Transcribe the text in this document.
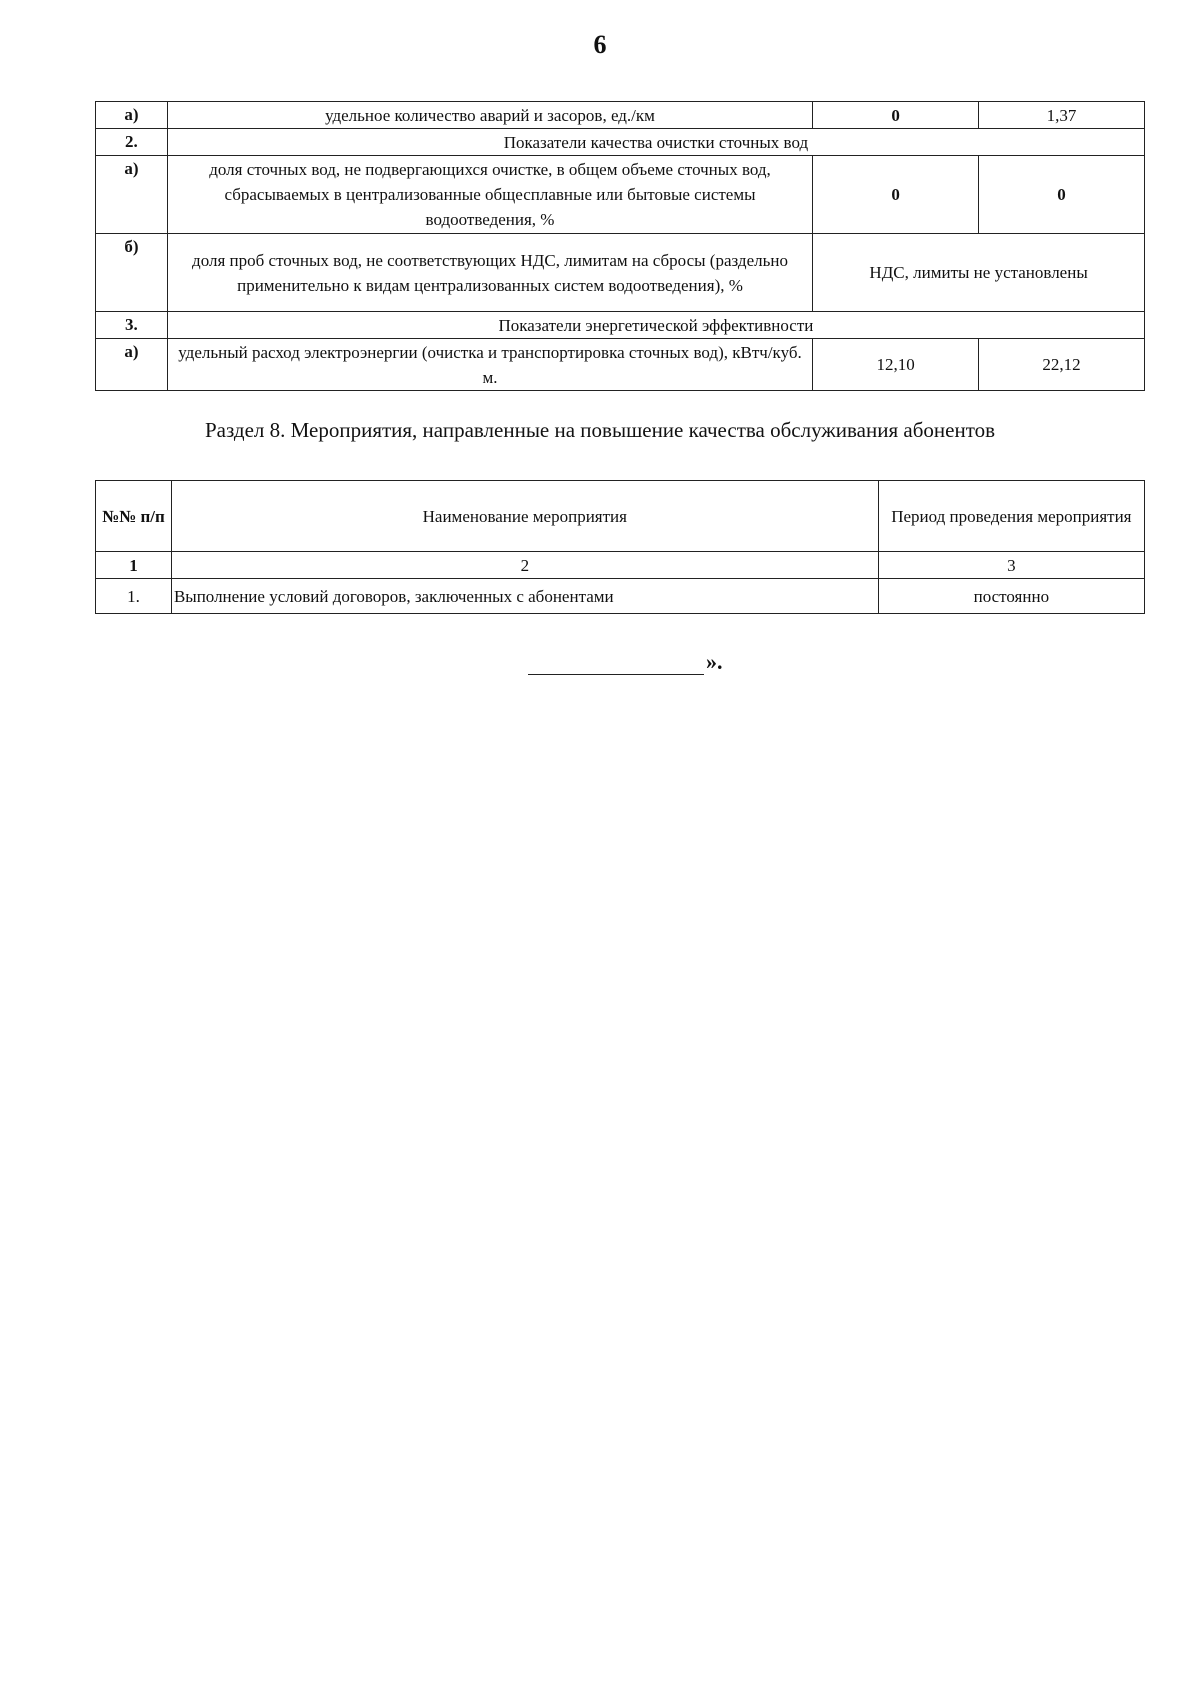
6
а)	удельное количество аварий и засоров, ед./км	0	1,37
2.	Показатели качества очистки сточных вод		
а)	доля сточных вод, не подвергающихся очистке, в общем объеме сточных вод, сбрасываемых в централизованные общесплавные или бытовые системы водоотведения, %	0	0
б)	доля проб сточных вод, не соответствующих НДС, лимитам на сбросы (раздельно применительно к видам централизованных систем водоотведения), %	НДС, лимиты не установлены	
3.	Показатели энергетической эффективности		
а)	удельный расход электроэнергии (очистка и транспортировка сточных вод), кВтч/куб. м.	12,10	22,12
Раздел 8. Мероприятия, направленные на повышение качества обслуживания абонентов
№№ п/п	Наименование мероприятия	Период проведения мероприятия
1	2	3
1.	Выполнение условий договоров, заключенных с абонентами	постоянно
».
